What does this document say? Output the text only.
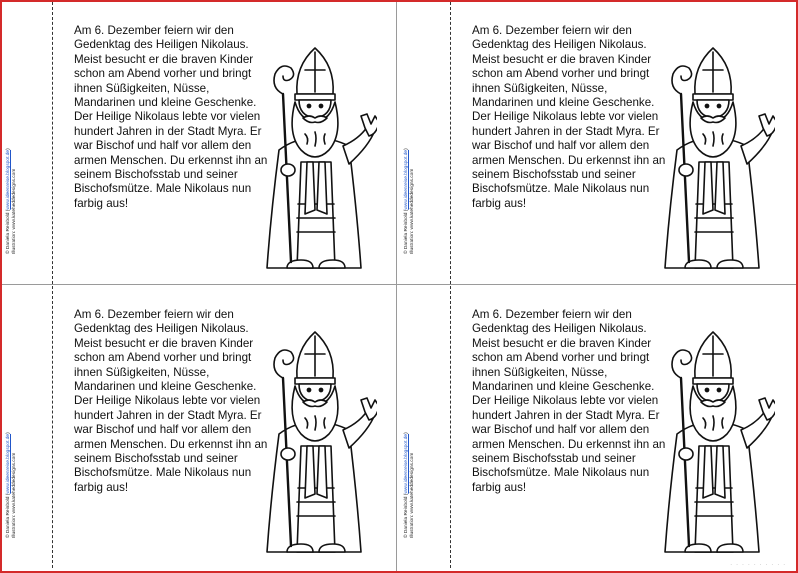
© Daniela Reinbold (www.ideenreise.blogspot.de)
Illustration: www.kateheddedesigns.com

Am 6. Dezember feiern wir den Gedenktag des Heiligen Nikolaus. Meist besucht er die braven Kinder schon am Abend vorher und bringt ihnen Süßigkeiten, Nüsse, Mandarinen und kleine Geschenke. Der Heilige Nikolaus lebte vor vielen hundert Jahren in der Stadt Myra. Er war Bischof und half vor allem den armen Menschen. Du erkennst ihn an seinem Bischofsstab und seiner Bischofsmütze. Male Nikolaus nun farbig aus!

© Daniela Reinbold (www.ideenreise.blogspot.de)
Illustration: www.kateheddedesigns.com

Am 6. Dezember feiern wir den Gedenktag des Heiligen Nikolaus. Meist besucht er die braven Kinder schon am Abend vorher und bringt ihnen Süßigkeiten, Nüsse, Mandarinen und kleine Geschenke. Der Heilige Nikolaus lebte vor vielen hundert Jahren in der Stadt Myra. Er war Bischof und half vor allem den armen Menschen. Du erkennst ihn an seinem Bischofsstab und seiner Bischofsmütze. Male Nikolaus nun farbig aus!

© Daniela Reinbold (www.ideenreise.blogspot.de)
Illustration: www.kateheddedesigns.com

Am 6. Dezember feiern wir den Gedenktag des Heiligen Nikolaus. Meist besucht er die braven Kinder schon am Abend vorher und bringt ihnen Süßigkeiten, Nüsse, Mandarinen und kleine Geschenke. Der Heilige Nikolaus lebte vor vielen hundert Jahren in der Stadt Myra. Er war Bischof und half vor allem den armen Menschen. Du erkennst ihn an seinem Bischofsstab und seiner Bischofsmütze. Male Nikolaus nun farbig aus!

© Daniela Reinbold (www.ideenreise.blogspot.de)
Illustration: www.kateheddedesigns.com

Am 6. Dezember feiern wir den Gedenktag des Heiligen Nikolaus. Meist besucht er die braven Kinder schon am Abend vorher und bringt ihnen Süßigkeiten, Nüsse, Mandarinen und kleine Geschenke. Der Heilige Nikolaus lebte vor vielen hundert Jahren in der Stadt Myra. Er war Bischof und half vor allem den armen Menschen. Du erkennst ihn an seinem Bischofsstab und seiner Bischofsmütze. Male Nikolaus nun farbig aus!

· · · · · · · · · ·
